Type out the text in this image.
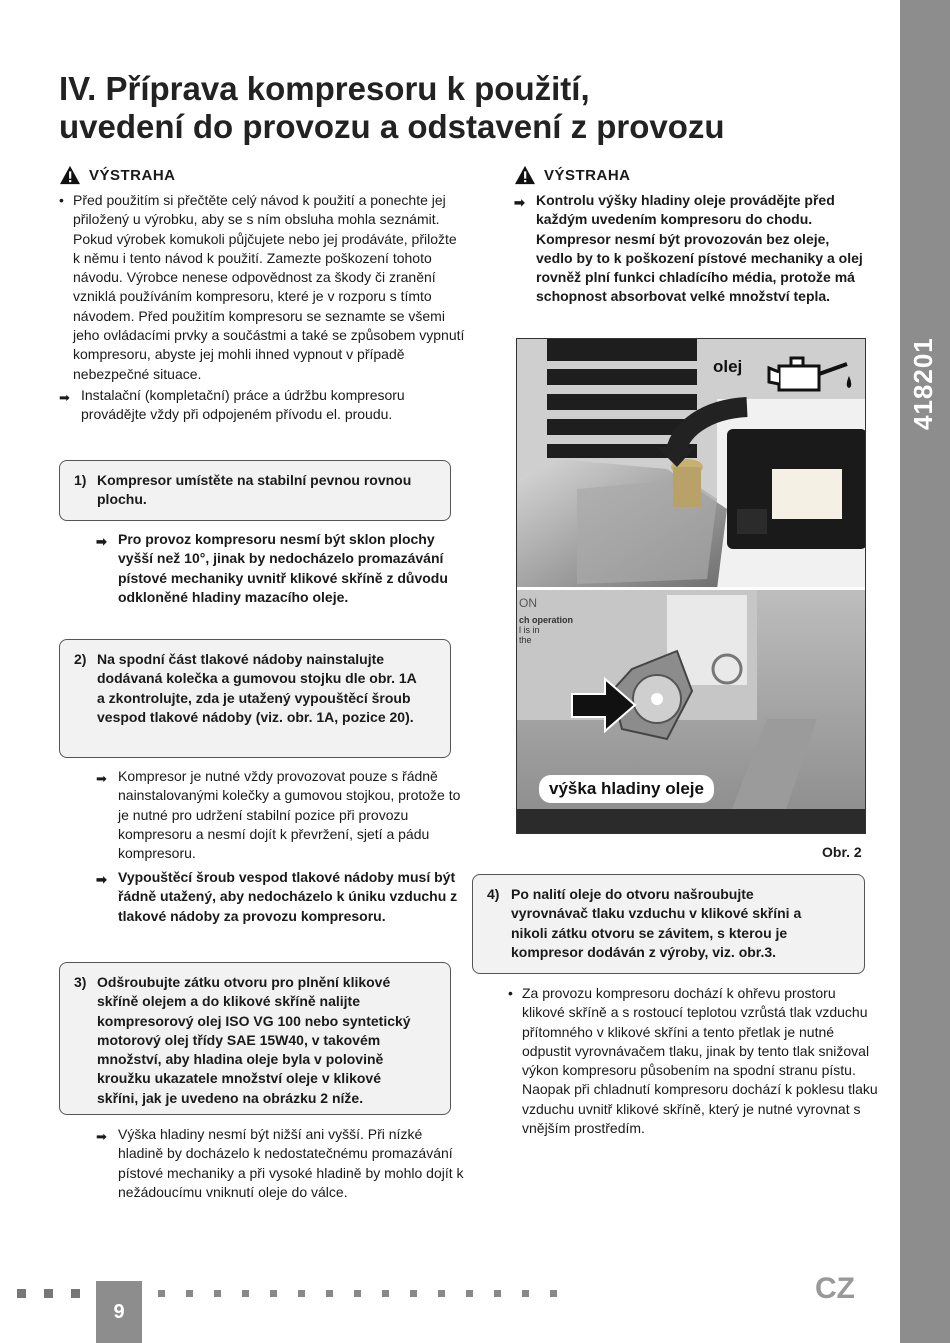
418201
IV. Příprava kompresoru k použití,
uvedení do provozu a odstavení z provozu
VÝSTRAHA
• Před použitím si přečtěte celý návod k použití a ponechte jej přiložený u výrobku, aby se s ním obsluha mohla seznámit. Pokud výrobek komukoli půjčujete nebo jej prodáváte, přiložte k němu i tento návod k použití. Zamezte poškození tohoto návodu. Výrobce nenese odpovědnost za škody či zranění vzniklá používáním kompresoru, které je v rozporu s tímto návodem. Před použitím kompresoru se seznamte se všemi jeho ovládacími prvky a součástmi a také se způsobem vypnutí kompresoru, abyste jej mohli ihned vypnout v případě nebezpečné situace.
➡ Instalační (kompletační) práce a údržbu kompresoru provádějte vždy při odpojeném přívodu el. proudu.
1) Kompresor umístěte na stabilní pevnou rovnou plochu.
➡ Pro provoz kompresoru nesmí být sklon plochy vyšší než 10°, jinak by nedocházelo promazávání pístové mechaniky uvnitř klikové skříně z důvodu odkloněné hladiny mazacího oleje.
2) Na spodní část tlakové nádoby nainstalujte dodávaná kolečka a gumovou stojku dle obr. 1A a zkontrolujte, zda je utažený vypouštěcí šroub vespod tlakové nádoby (viz. obr. 1A, pozice 20).
➡ Kompresor je nutné vždy provozovat pouze s řádně nainstalovanými kolečky a gumovou stojkou, protože to je nutné pro udržení stabilní pozice při provozu kompresoru a nesmí dojít k převržení, sjetí a pádu kompresoru.
➡ Vypouštěcí šroub vespod tlakové nádoby musí být řádně utažený, aby nedocházelo k úniku vzduchu z tlakové nádoby za provozu kompresoru.
3) Odšroubujte zátku otvoru pro plnění klikové skříně olejem a do klikové skříně nalijte kompresorový olej ISO VG 100 nebo syntetický motorový olej třídy SAE 15W40, v takovém množství, aby hladina oleje byla v polovině kroužku ukazatele množství oleje v klikové skříni, jak je uvedeno na obrázku 2 níže.
➡ Výška hladiny nesmí být nižší ani vyšší. Při nízké hladině by docházelo k nedostatečnému promazávání pístové mechaniky a při vysoké hladině by mohlo dojít k nežádoucímu vniknutí oleje do válce.
VÝSTRAHA
➡ Kontrolu výšky hladiny oleje provádějte před každým uvedením kompresoru do chodu. Kompresor nesmí být provozován bez oleje, vedlo by to k poškození pístové mechaniky a olej rovněž plní funkci chladícího média, protože má schopnost absorbovat velké množství tepla.
ON
ch operation
l is in
the
olej
výška hladiny oleje
Obr. 2
4) Po nalití oleje do otvoru našroubujte vyrovnávač tlaku vzduchu v klikové skříni a nikoli zátku otvoru se závitem, s kterou je kompresor dodáván z výroby, viz. obr.3.
• Za provozu kompresoru dochází k ohřevu prostoru klikové skříně a s rostoucí teplotou vzrůstá tlak vzduchu přítomného v klikové skříni a tento přetlak je nutné odpustit vyrovnávačem tlaku, jinak by tento tlak snižoval výkon kompresoru působením na spodní stranu pístu. Naopak při chladnutí kompresoru dochází k poklesu tlaku vzduchu uvnitř klikové skříně, který je nutné vyrovnat s vnějším prostředím.
9
CZ
